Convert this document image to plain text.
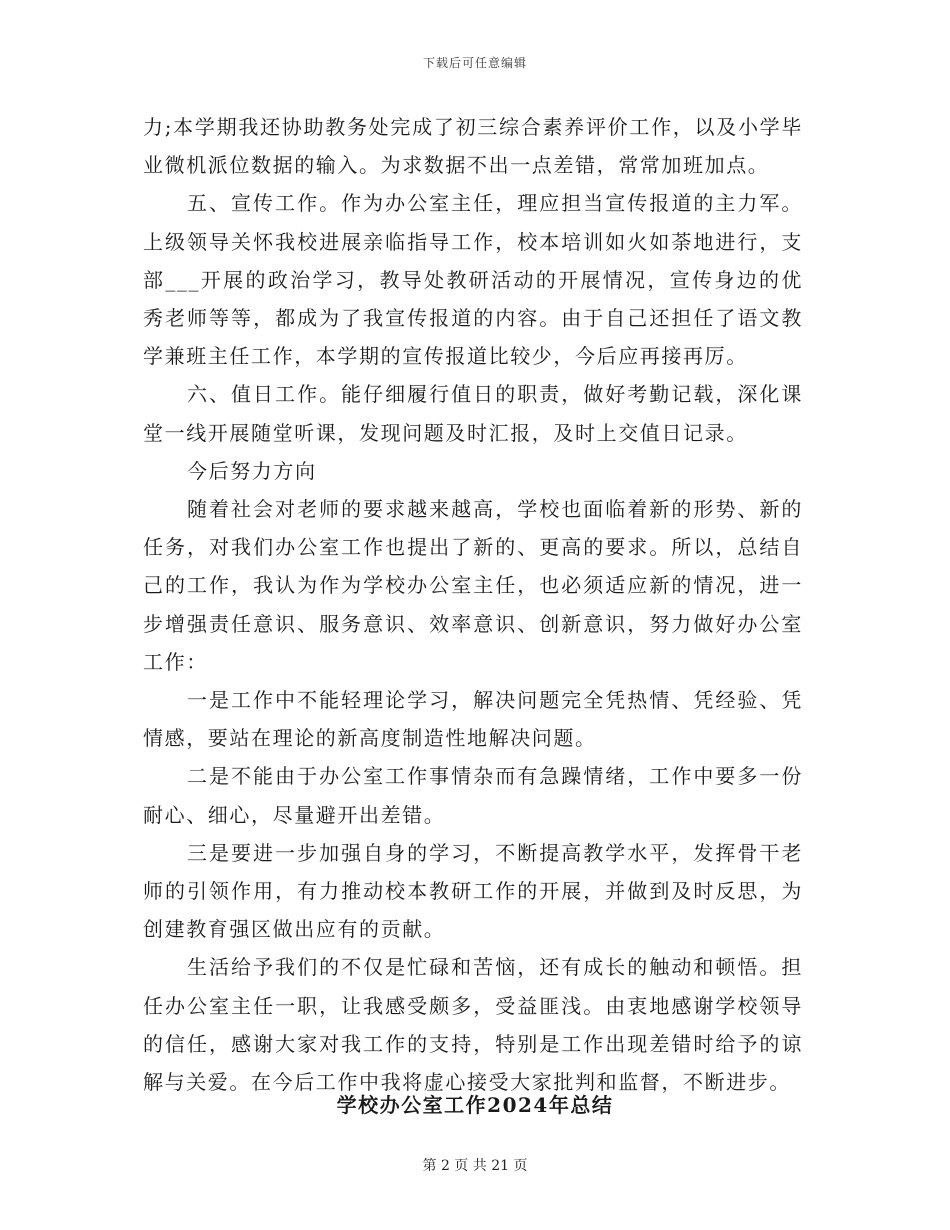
下载后可任意编辑

力;本学期我还协助教务处完成了初三综合素养评价工作，以及小学毕业微机派位数据的输入。为求数据不出一点差错，常常加班加点。

五、宣传工作。作为办公室主任，理应担当宣传报道的主力军。上级领导关怀我校进展亲临指导工作，校本培训如火如荼地进行，支部___开展的政治学习，教导处教研活动的开展情况，宣传身边的优秀老师等等，都成为了我宣传报道的内容。由于自己还担任了语文教学兼班主任工作，本学期的宣传报道比较少，今后应再接再厉。

六、值日工作。能仔细履行值日的职责，做好考勤记载，深化课堂一线开展随堂听课，发现问题及时汇报，及时上交值日记录。

今后努力方向

随着社会对老师的要求越来越高，学校也面临着新的形势、新的任务，对我们办公室工作也提出了新的、更高的要求。所以，总结自己的工作，我认为作为学校办公室主任，也必须适应新的情况，进一步增强责任意识、服务意识、效率意识、创新意识，努力做好办公室工作：

一是工作中不能轻理论学习，解决问题完全凭热情、凭经验、凭情感，要站在理论的新高度制造性地解决问题。

二是不能由于办公室工作事情杂而有急躁情绪，工作中要多一份耐心、细心，尽量避开出差错。

三是要进一步加强自身的学习，不断提高教学水平，发挥骨干老师的引领作用，有力推动校本教研工作的开展，并做到及时反思，为创建教育强区做出应有的贡献。

生活给予我们的不仅是忙碌和苦恼，还有成长的触动和顿悟。担任办公室主任一职，让我感受颇多，受益匪浅。由衷地感谢学校领导的信任，感谢大家对我工作的支持，特别是工作出现差错时给予的谅解与关爱。在今后工作中我将虚心接受大家批判和监督，不断进步。

学校办公室工作2024年总结
第 2 页 共 21 页
